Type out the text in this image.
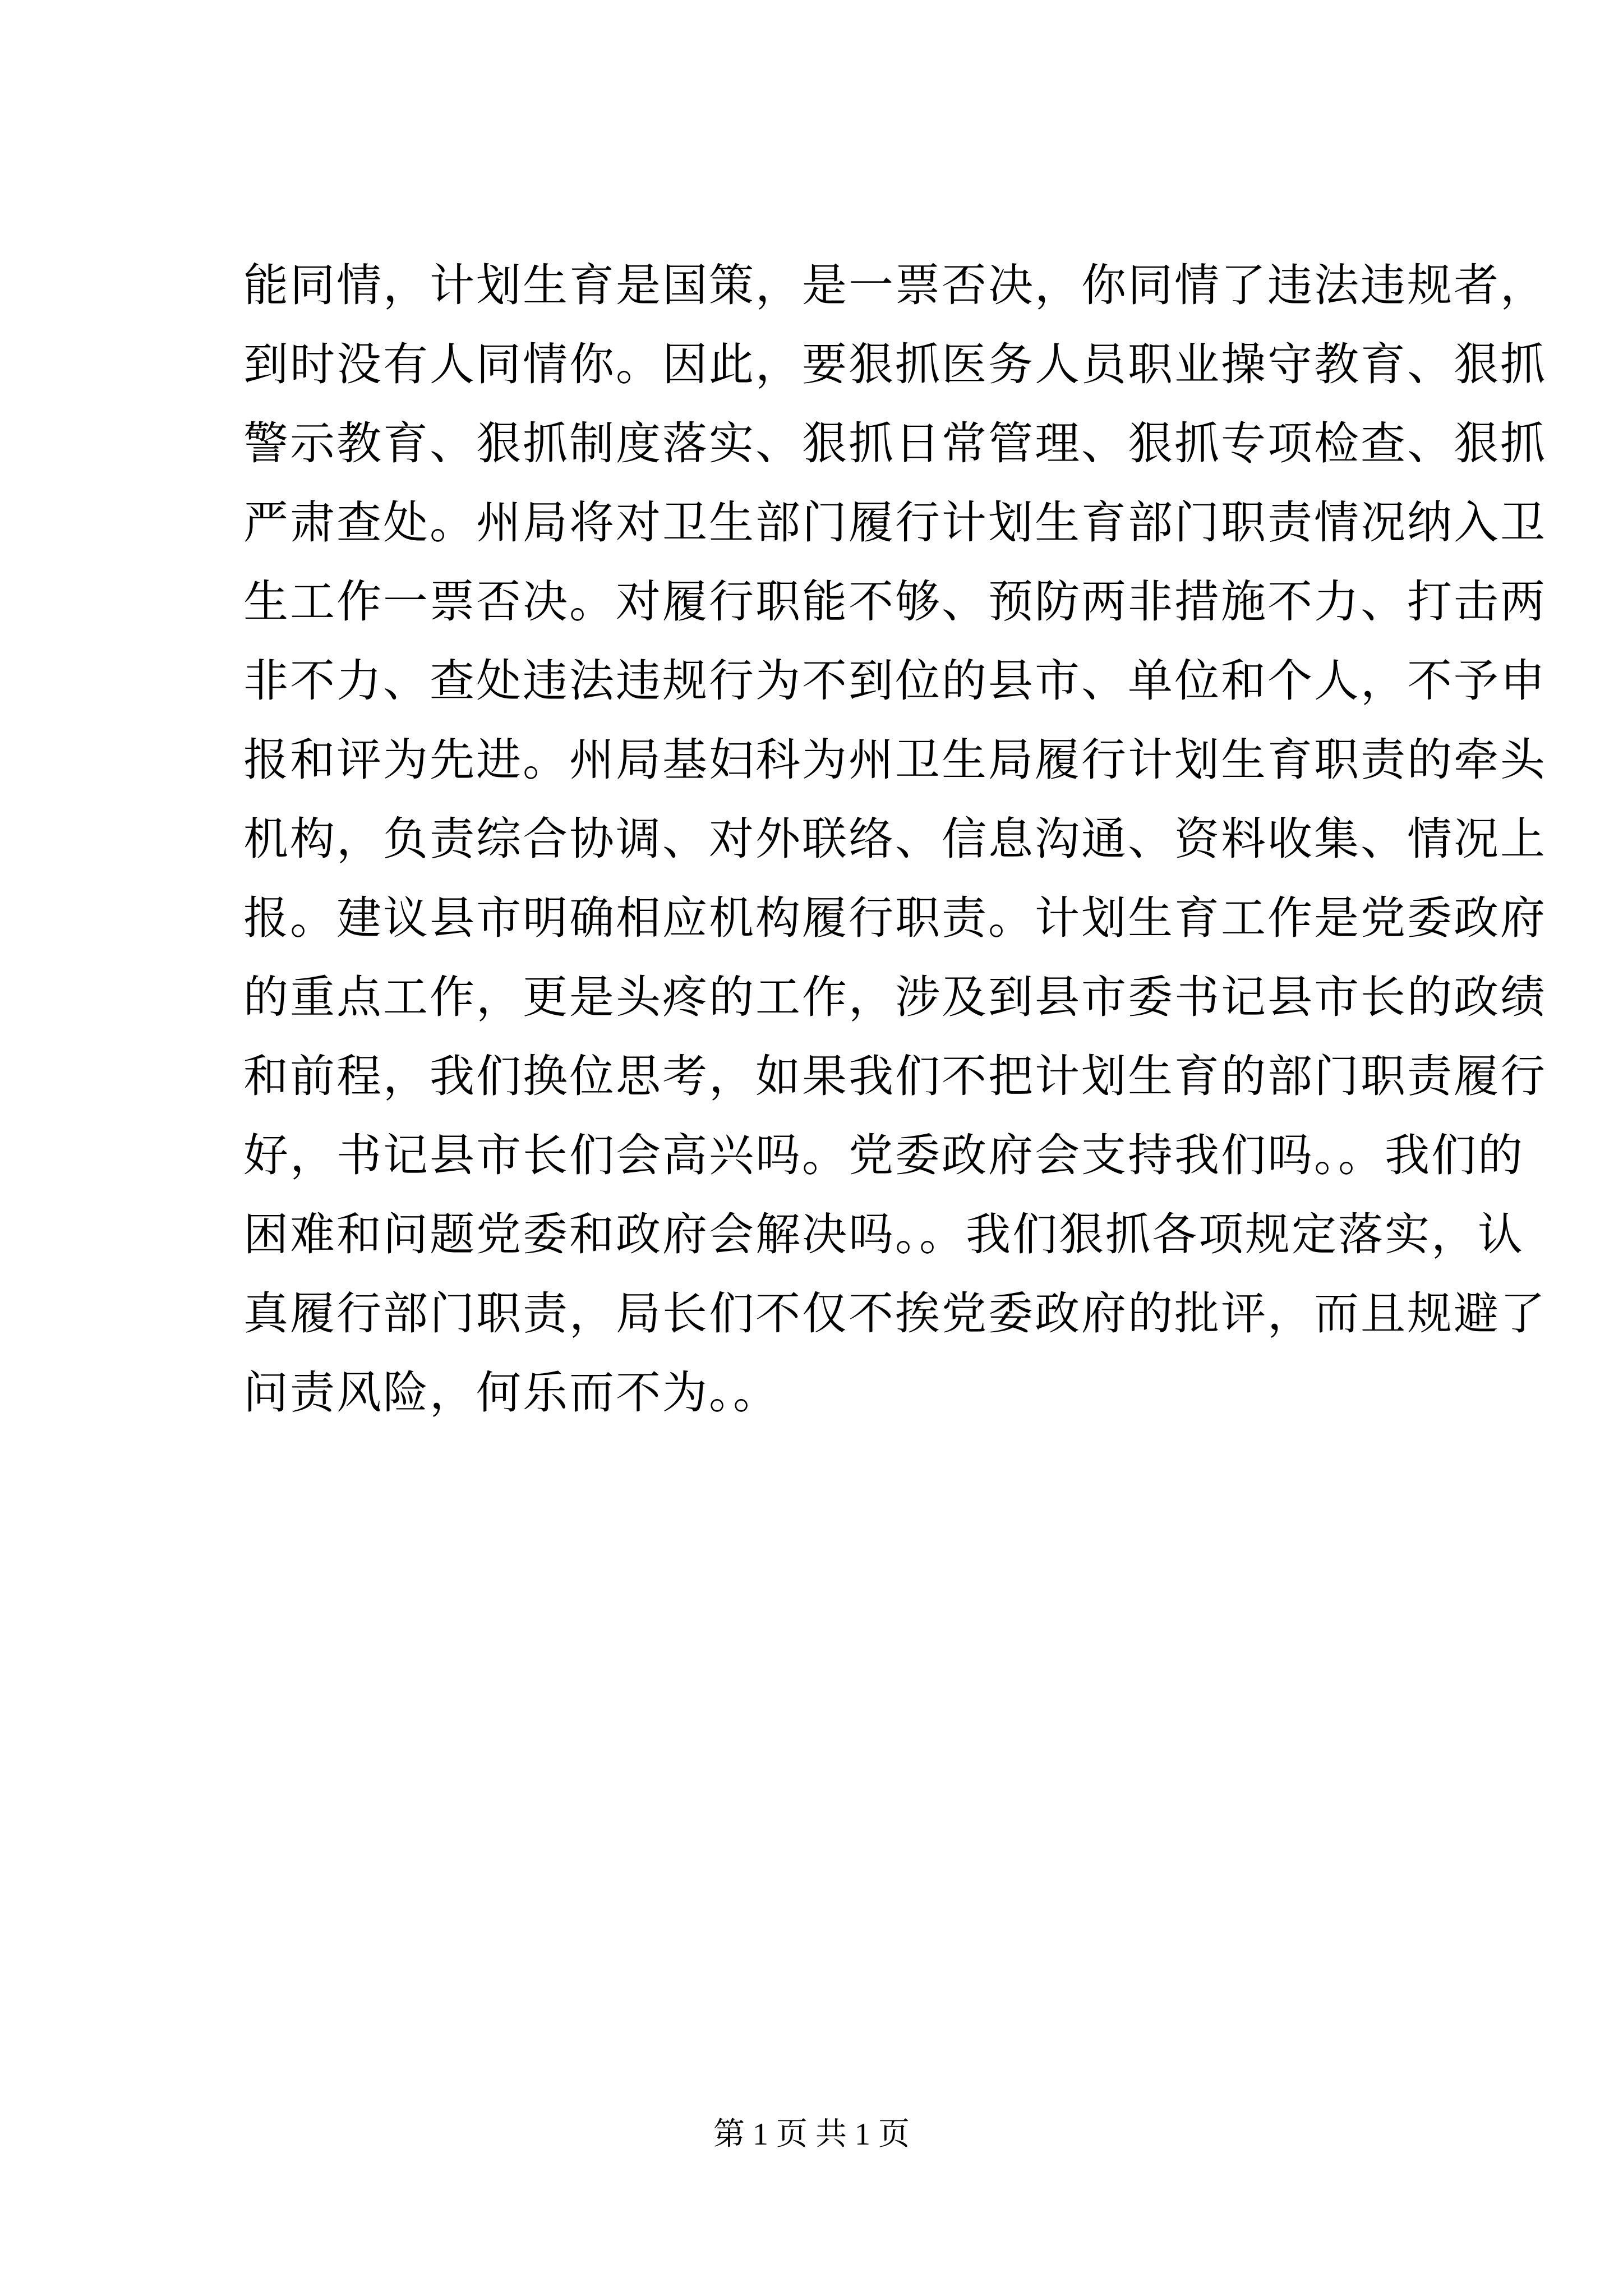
能同情，计划生育是国策，是一票否决，你同情了违法违规者，
到时没有人同情你。因此，要狠抓医务人员职业操守教育、狠抓
警示教育、狠抓制度落实、狠抓日常管理、狠抓专项检查、狠抓
严肃查处。州局将对卫生部门履行计划生育部门职责情况纳入卫
生工作一票否决。对履行职能不够、预防两非措施不力、打击两
非不力、查处违法违规行为不到位的县市、单位和个人，不予申
报和评为先进。州局基妇科为州卫生局履行计划生育职责的牵头
机构，负责综合协调、对外联络、信息沟通、资料收集、情况上
报。建议县市明确相应机构履行职责。计划生育工作是党委政府
的重点工作，更是头疼的工作，涉及到县市委书记县市长的政绩
和前程，我们换位思考，如果我们不把计划生育的部门职责履行
好，书记县市长们会高兴吗。党委政府会支持我们吗。。我们的
困难和问题党委和政府会解决吗。。我们狠抓各项规定落实，认
真履行部门职责，局长们不仅不挨党委政府的批评，而且规避了
问责风险，何乐而不为。。
第 1 页 共 1 页
